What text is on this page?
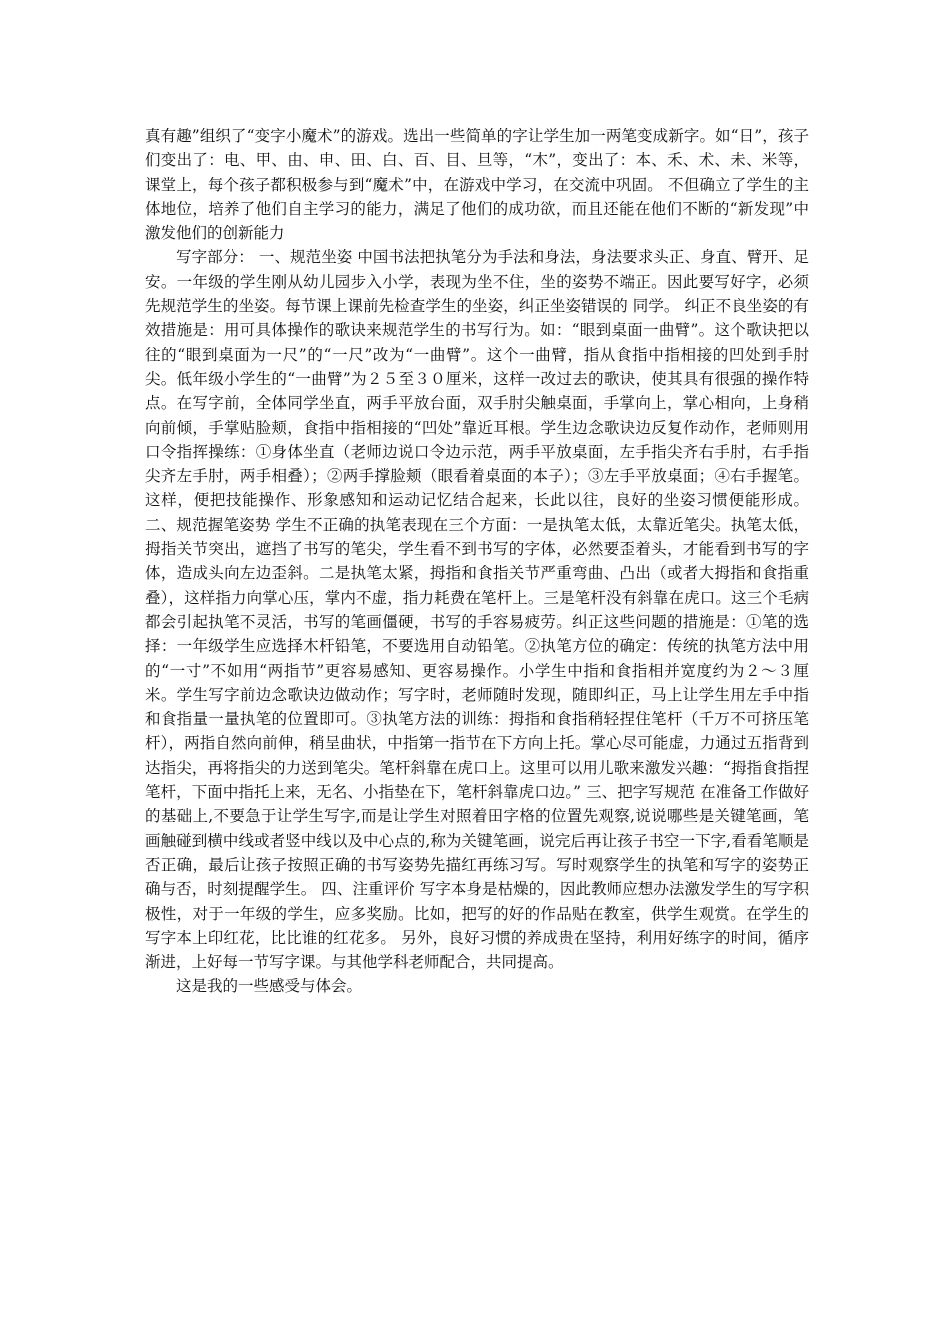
真有趣”组织了“变字小魔术”的游戏。选出一些简单的字让学生加一两笔变成新字。如“日”，孩子们变出了：电、甲、由、申、田、白、百、目、旦等，“木”，变出了：本、禾、术、未、米等，课堂上，每个孩子都积极参与到“魔术”中，在游戏中学习，在交流中巩固。 不但确立了学生的主体地位，培养了他们自主学习的能力，满足了他们的成功欲，而且还能在他们不断的“新发现”中激发他们的创新能力

写字部分： 一、规范坐姿 中国书法把执笔分为手法和身法，身法要求头正、身直、臂开、足安。一年级的学生刚从幼儿园步入小学，表现为坐不住，坐的姿势不端正。因此要写好字，必须先规范学生的坐姿。每节课上课前先检查学生的坐姿，纠正坐姿错误的 同学。 纠正不良坐姿的有效措施是：用可具体操作的歌诀来规范学生的书写行为。如：“眼到桌面一曲臂”。这个歌诀把以往的“眼到桌面为一尺”的“一尺”改为“一曲臂”。这个一曲臂，指从食指中指相接的凹处到手肘尖。低年级小学生的“一曲臂”为２５至３０厘米，这样一改过去的歌诀，使其具有很强的操作特点。在写字前，全体同学坐直，两手平放台面，双手肘尖触桌面，手掌向上，掌心相向，上身稍向前倾，手掌贴脸颊，食指中指相接的“凹处”靠近耳根。学生边念歌诀边反复作动作，老师则用口令指挥操练：①身体坐直（老师边说口令边示范，两手平放桌面，左手指尖齐右手肘，右手指尖齐左手肘，两手相叠）；②两手撑脸颊（眼看着桌面的本子）；③左手平放桌面；④右手握笔。这样，便把技能操作、形象感知和运动记忆结合起来，长此以往，良好的坐姿习惯便能形成。 二、规范握笔姿势 学生不正确的执笔表现在三个方面：一是执笔太低，太靠近笔尖。执笔太低，拇指关节突出，遮挡了书写的笔尖，学生看不到书写的字体，必然要歪着头，才能看到书写的字体，造成头向左边歪斜。二是执笔太紧，拇指和食指关节严重弯曲、凸出（或者大拇指和食指重叠），这样指力向掌心压，掌内不虚，指力耗费在笔杆上。三是笔杆没有斜靠在虎口。这三个毛病都会引起执笔不灵活，书写的笔画僵硬，书写的手容易疲劳。纠正这些问题的措施是：①笔的选择：一年级学生应选择木杆铅笔，不要选用自动铅笔。②执笔方位的确定：传统的执笔方法中用的“一寸”不如用“两指节”更容易感知、更容易操作。小学生中指和食指相并宽度约为２～３厘米。学生写字前边念歌诀边做动作；写字时，老师随时发现，随即纠正，马上让学生用左手中指和食指量一量执笔的位置即可。③执笔方法的训练：拇指和食指稍轻捏住笔杆（千万不可挤压笔杆），两指自然向前伸，稍呈曲状，中指第一指节在下方向上托。掌心尽可能虚，力通过五指背到达指尖，再将指尖的力送到笔尖。笔杆斜靠在虎口上。这里可以用儿歌来激发兴趣：“拇指食指捏笔杆，下面中指托上来，无名、小指垫在下，笔杆斜靠虎口边。” 三、把字写规范 在准备工作做好的基础上,不要急于让学生写字,而是让学生对照着田字格的位置先观察,说说哪些是关键笔画，笔画触碰到横中线或者竖中线以及中心点的,称为关键笔画，说完后再让孩子书空一下字,看看笔顺是否正确，最后让孩子按照正确的书写姿势先描红再练习写。写时观察学生的执笔和写字的姿势正确与否，时刻提醒学生。 四、注重评价 写字本身是枯燥的，因此教师应想办法激发学生的写字积极性，对于一年级的学生，应多奖励。比如，把写的好的作品贴在教室，供学生观赏。在学生的写字本上印红花，比比谁的红花多。 另外，良好习惯的养成贵在坚持，利用好练字的时间，循序渐进，上好每一节写字课。与其他学科老师配合，共同提高。

这是我的一些感受与体会。
